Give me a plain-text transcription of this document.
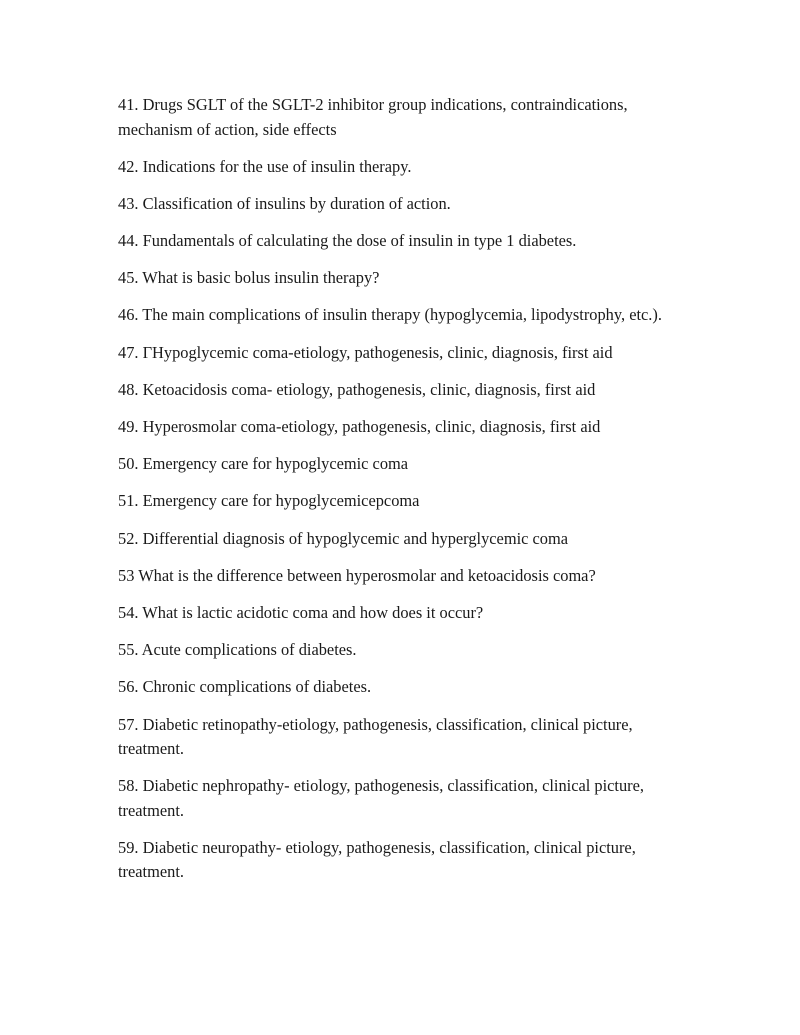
41. Drugs SGLT of the SGLT-2 inhibitor group indications, contraindications, mechanism of action, side effects
42. Indications for the use of insulin therapy.
43. Classification of insulins by duration of action.
44. Fundamentals of calculating the dose of insulin in type 1 diabetes.
45. What is basic bolus insulin therapy?
46. The main complications of insulin therapy (hypoglycemia, lipodystrophy, etc.).
47. ГHypoglycemic coma-etiology, pathogenesis, clinic, diagnosis, first aid
48. Ketoacidosis coma- etiology, pathogenesis, clinic, diagnosis, first aid
49. Hyperosmolar coma-etiology, pathogenesis, clinic, diagnosis, first aid
50. Emergency care for hypoglycemic coma
51. Emergency care for hypoglycemicepcoma
52. Differential diagnosis of hypoglycemic and hyperglycemic coma
53 What is the difference between hyperosmolar and ketoacidosis coma?
54. What is lactic acidotic coma and how does it occur?
55. Acute complications of diabetes.
56. Chronic complications of diabetes.
57. Diabetic retinopathy-etiology, pathogenesis, classification, clinical picture, treatment.
58. Diabetic nephropathy- etiology, pathogenesis, classification, clinical picture, treatment.
59. Diabetic neuropathy- etiology, pathogenesis, classification, clinical picture, treatment.
